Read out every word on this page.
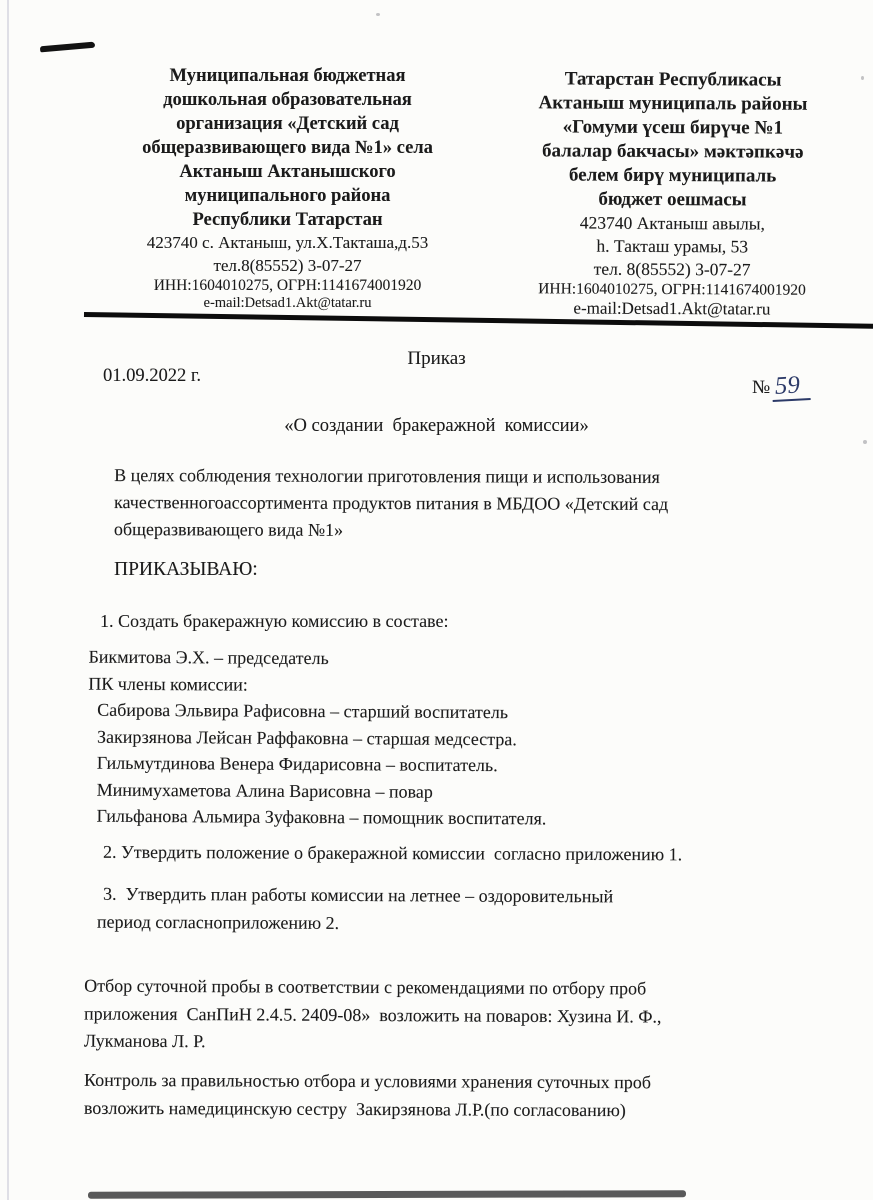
Муниципальная бюджетная
дошкольная образовательная
организация «Детский сад
общеразвивающего вида №1» села
Актаныш Актанышского
муниципального района
Республики Татарстан
423740 с. Актаныш, ул.Х.Такташа,д.53
тел.8(85552) 3-07-27
ИНН:1604010275, ОГРН:1141674001920
e-mail:Detsad1.Akt@tatar.ru
Татарстан Республикасы
Актаныш муниципаль районы
«Гомуми үсеш бирүче №1
балалар бакчасы» мәктәпкәчә
белем бирү муниципаль
бюджет оешмасы
423740 Актаныш авылы,
һ. Такташ урамы, 53
тел. 8(85552) 3-07-27
ИНН:1604010275, ОГРН:1141674001920
e-mail:Detsad1.Akt@tatar.ru
Приказ
01.09.2022 г.
№ 59
«О создании  бракеражной  комиссии»
В целях соблюдения технологии приготовления пищи и использования
качественногоассортимента продуктов питания в МБДОО «Детский сад
общеразвивающего вида №1»
ПРИКАЗЫВАЮ:
1. Создать бракеражную комиссию в составе:
Бикмитова Э.Х. – председатель
ПК члены комиссии:
Сабирова Эльвира Рафисовна – старший воспитатель
Закирзянова Лейсан Раффаковна – старшая медсестра.
Гильмутдинова Венера Фидарисовна – воспитатель.
Минимухаметова Алина Варисовна – повар
Гильфанова Альмира Зуфаковна – помощник воспитателя.
2. Утвердить положение о бракеражной комиссии  согласно приложению 1.
3.  Утвердить план работы комиссии на летнее – оздоровительный
период согласноприложению 2.
Отбор суточной пробы в соответствии с рекомендациями по отбору проб
приложения  СанПиН 2.4.5. 2409-08»  возложить на поваров: Хузина И. Ф.,
Лукманова Л. Р.
Контроль за правильностью отбора и условиями хранения суточных проб
возложить намедицинскую сестру  Закирзянова Л.Р.(по согласованию)
